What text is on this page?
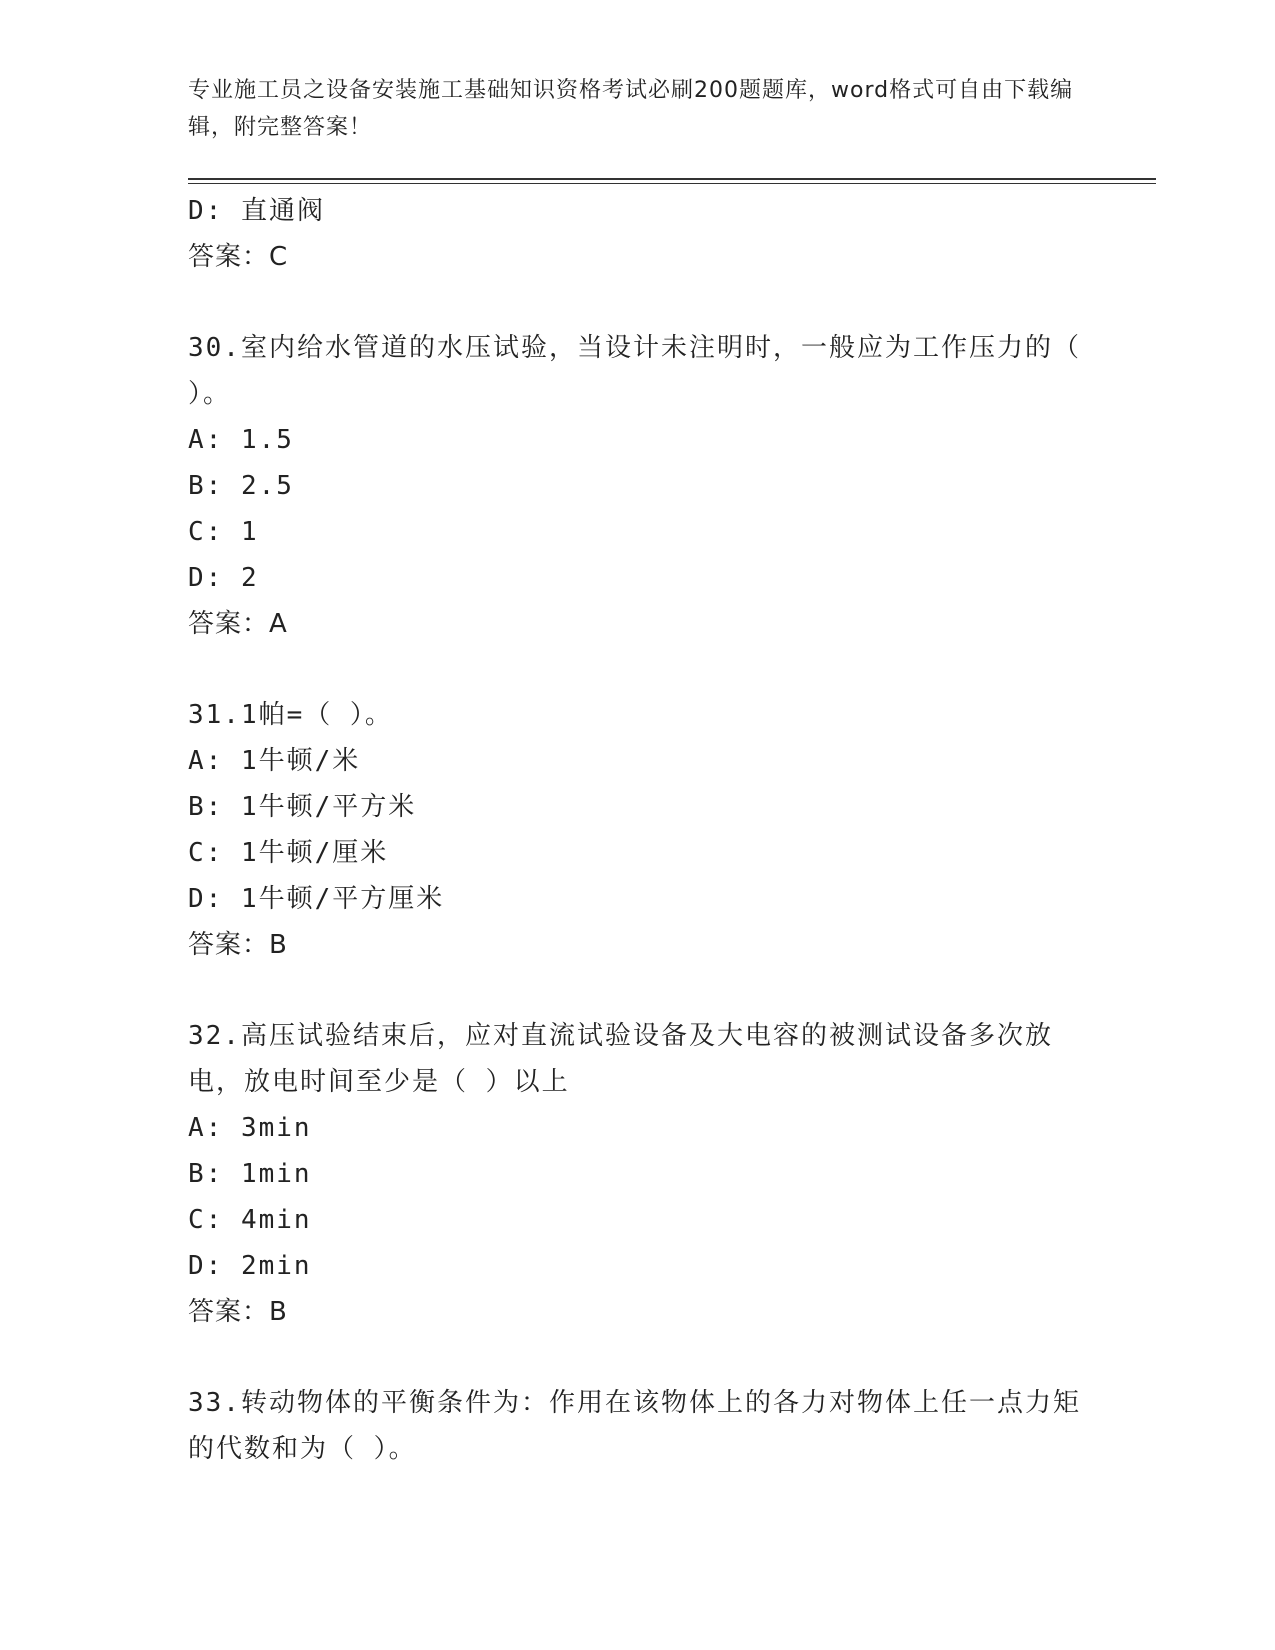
专业施工员之设备安装施工基础知识资格考试必刷200题题库，word格式可自由下载编辑，附完整答案！
D: 直通阀
答案：C
30.室内给水管道的水压试验，当设计未注明时，一般应为工作压力的（ ）。
A: 1.5
B: 2.5
C: 1
D: 2
答案：A
31.1帕=（ ）。
A: 1牛顿/米
B: 1牛顿/平方米
C: 1牛顿/厘米
D: 1牛顿/平方厘米
答案：B
32.高压试验结束后，应对直流试验设备及大电容的被测试设备多次放电，放电时间至少是（ ）以上
A: 3min
B: 1min
C: 4min
D: 2min
答案：B
33.转动物体的平衡条件为：作用在该物体上的各力对物体上任一点力矩的代数和为（ ）。
